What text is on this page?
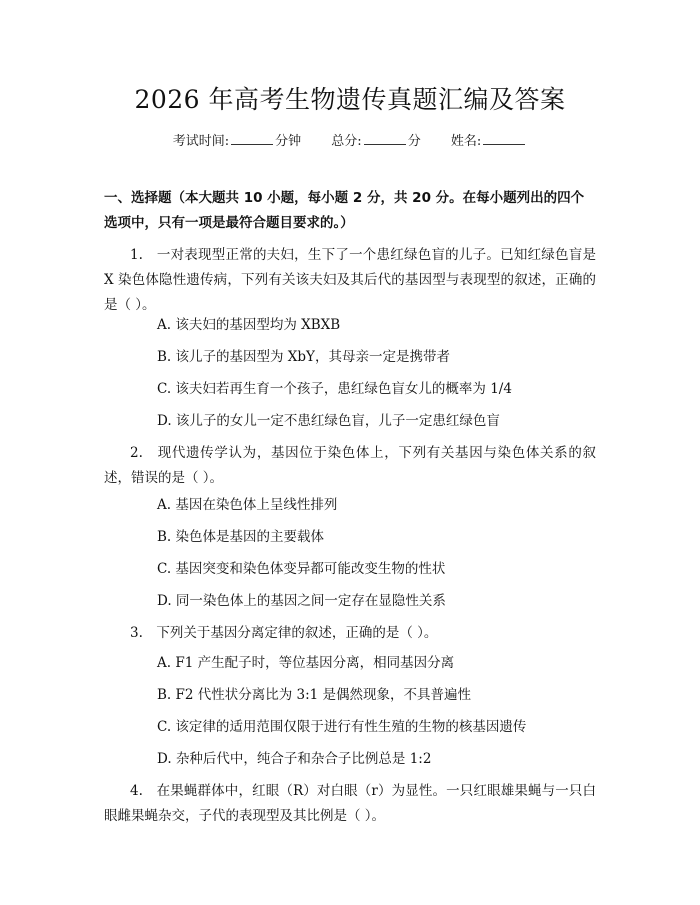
2026 年高考生物遗传真题汇编及答案
考试时间:	分钟 总分:	分 姓名:
一、选择题（本大题共 10 小题，每小题 2 分，共 20 分。在每小题列出的四个选项中，只有一项是最符合题目要求的。）
1.　一对表现型正常的夫妇，生下了一个患红绿色盲的儿子。已知红绿色盲是 X 染色体隐性遗传病，下列有关该夫妇及其后代的基因型与表现型的叙述，正确的是（ ）。
A. 该夫妇的基因型均为 XBXB
B. 该儿子的基因型为 XbY，其母亲一定是携带者
C. 该夫妇若再生育一个孩子，患红绿色盲女儿的概率为 1/4
D. 该儿子的女儿一定不患红绿色盲，儿子一定患红绿色盲
2.　现代遗传学认为，基因位于染色体上，下列有关基因与染色体关系的叙述，错误的是（ ）。
A. 基因在染色体上呈线性排列
B. 染色体是基因的主要载体
C. 基因突变和染色体变异都可能改变生物的性状
D. 同一染色体上的基因之间一定存在显隐性关系
3.　下列关于基因分离定律的叙述，正确的是（ ）。
A. F1 产生配子时，等位基因分离，相同基因分离
B. F2 代性状分离比为 3:1 是偶然现象，不具普遍性
C. 该定律的适用范围仅限于进行有性生殖的生物的核基因遗传
D. 杂种后代中，纯合子和杂合子比例总是 1:2
4.　在果蝇群体中，红眼（R）对白眼（r）为显性。一只红眼雄果蝇与一只白眼雌果蝇杂交，子代的表现型及其比例是（ ）。
